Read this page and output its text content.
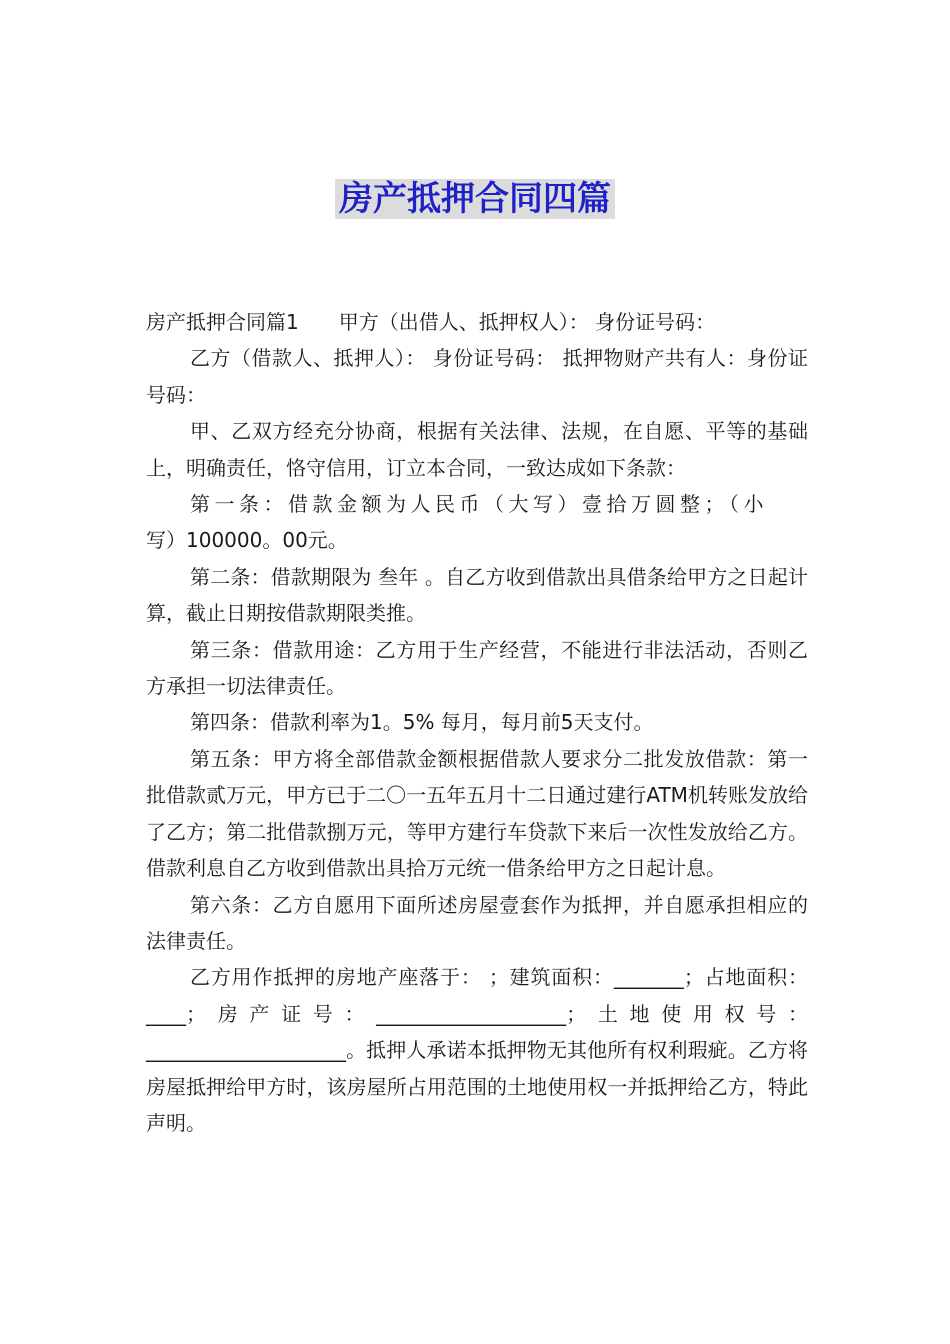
房产抵押合同四篇

房产抵押合同篇1 甲方（出借人、抵押权人）： 身份证号码：

乙方（借款人、抵押人）： 身份证号码： 抵押物财产共有人：身份证号码：

甲、乙双方经充分协商，根据有关法律、法规，在自愿、平等的基础上，明确责任，恪守信用，订立本合同，一致达成如下条款：

第一条：借款金额为人民币（大写）壹拾万圆整；（小

写）100000。00元。

第二条：借款期限为 叁年 。自乙方收到借款出具借条给甲方之日起计算，截止日期按借款期限类推。

第三条：借款用途：乙方用于生产经营，不能进行非法活动，否则乙方承担一切法律责任。

第四条：借款利率为1。5% 每月，每月前5天支付。

第五条：甲方将全部借款金额根据借款人要求分二批发放借款：第一批借款贰万元，甲方已于二〇一五年五月十二日通过建行ATM机转账发放给了乙方；第二批借款捌万元，等甲方建行车贷款下来后一次性发放给乙方。借款利息自乙方收到借款出具拾万元统一借条给甲方之日起计息。

第六条：乙方自愿用下面所述房屋壹套作为抵押，并自愿承担相应的法律责任。

乙方用作抵押的房地产座落于： ；建筑面积：_______；占地面积：____；房产证号：___________________；土地使用权号：____________________。抵押人承诺本抵押物无其他所有权利瑕疵。乙方将房屋抵押给甲方时，该房屋所占用范围的土地使用权一并抵押给乙方，特此声明。
